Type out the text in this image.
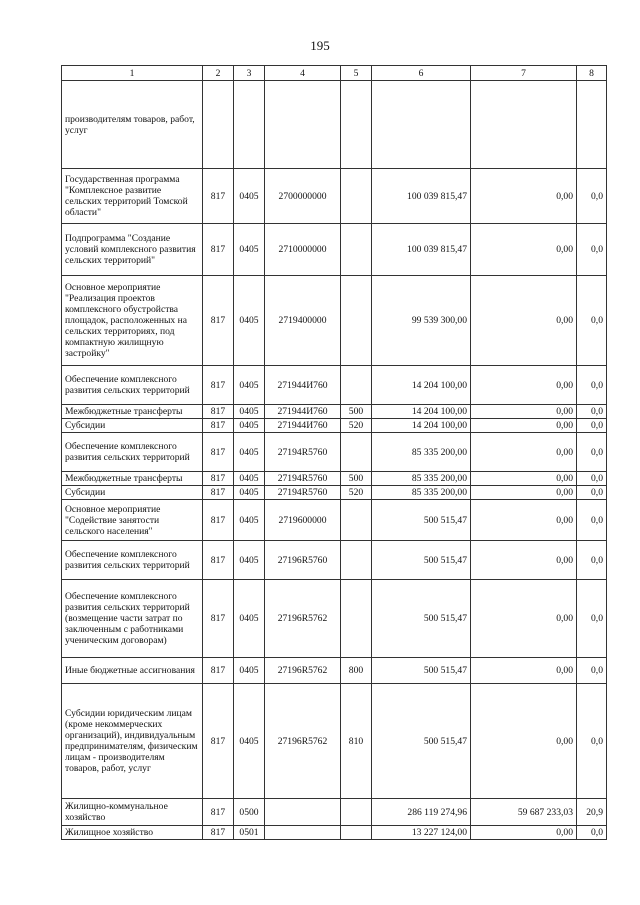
195
1	2	3	4	5	6	7	8
производителям товаров, работ, услуг							
Государственная программа "Комплексное развитие сельских территорий Томской области"	817	0405	2700000000		100 039 815,47	0,00	0,0
Подпрограмма "Создание условий комплексного развития сельских территорий"	817	0405	2710000000		100 039 815,47	0,00	0,0
Основное мероприятие "Реализация проектов комплексного обустройства площадок, расположенных на сельских территориях, под компактную жилищную застройку"	817	0405	2719400000		99 539 300,00	0,00	0,0
Обеспечение комплексного развития сельских территорий	817	0405	271944И760		14 204 100,00	0,00	0,0
Межбюджетные трансферты	817	0405	271944И760	500	14 204 100,00	0,00	0,0
Субсидии	817	0405	271944И760	520	14 204 100,00	0,00	0,0
Обеспечение комплексного развития сельских территорий	817	0405	27194R5760		85 335 200,00	0,00	0,0
Межбюджетные трансферты	817	0405	27194R5760	500	85 335 200,00	0,00	0,0
Субсидии	817	0405	27194R5760	520	85 335 200,00	0,00	0,0
Основное мероприятие "Содействие занятости сельского населения"	817	0405	2719600000		500 515,47	0,00	0,0
Обеспечение комплексного развития сельских территорий	817	0405	27196R5760		500 515,47	0,00	0,0
Обеспечение комплексного развития сельских территорий (возмещение части затрат по заключенным с работниками ученическим договорам)	817	0405	27196R5762		500 515,47	0,00	0,0
Иные бюджетные ассигнования	817	0405	27196R5762	800	500 515,47	0,00	0,0
Субсидии юридическим лицам (кроме некоммерческих организаций), индивидуальным предпринимателям, физическим лицам - производителям товаров, работ, услуг	817	0405	27196R5762	810	500 515,47	0,00	0,0
Жилищно-коммунальное хозяйство	817	0500			286 119 274,96	59 687 233,03	20,9
Жилищное хозяйство	817	0501			13 227 124,00	0,00	0,0
